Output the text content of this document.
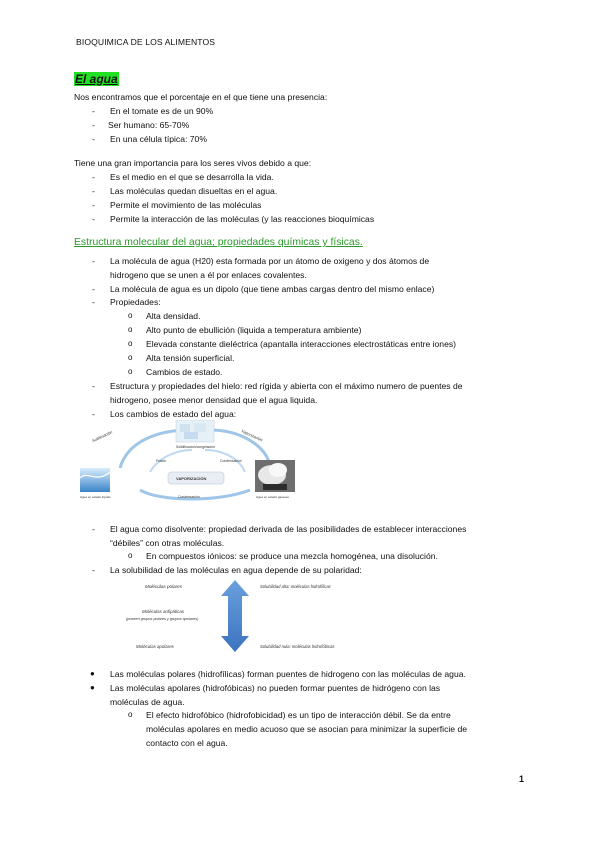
BIOQUIMICA DE LOS ALIMENTOS
El agua
Nos encontramos que el porcentaje en el que tiene una presencia:
-	En el tomate es de un 90%
-	Ser humano: 65-70%
-	En una célula típica: 70%
Tiene una gran importancia para los seres vivos debido a que:
-	Es el medio en el que se desarrolla la vida.
-	Las moléculas quedan disueltas en el agua.
-	Permite el movimiento de las moléculas
-	Permite la interacción de las moléculas (y las reacciones bioquímicas
Estructura molecular del agua; propiedades químicas y físicas.
-	La molécula de agua (H20) esta formada por un átomo de oxigeno y dos átomos de
hidrogeno que se unen a él por enlaces covalentes.
-	La molécula de agua es un dipolo (que tiene ambas cargas dentro del mismo enlace)
-	Propiedades:
o Alta densidad.
o Alto punto de ebullición (liquida a temperatura ambiente)
o Elevada constante dieléctrica (apantalla interacciones electrostáticas entre iones)
o Alta tensión superficial.
o Cambios de estado.
-	Estructura y propiedades del hielo: red rígida y abierta con el máximo numero de puentes de
hidrogeno, posee menor densidad que el agua liquida.
-	Los cambios de estado del agua:
Sublimación
Solidificación/congelación
Vaporización
Fusión	Condensación
VAPORIZACIÓN
Condensación
Agua en estado líquido	Agua en estado gaseoso
-	El agua como disolvente: propiedad derivada de las posibilidades de establecer interacciones
“débiles” con otras moléculas.
o En compuestos iónicos: se produce una mezcla homogénea, una disolución.
-	La solubilidad de las moléculas en agua depende de su polaridad:
Moléculas polares	Solubilidad alta: moléculas hidrofílicas
Moléculas anfipáticas
(poseen grupos polares y grupos apolares)
Moléculas apolares	Solubilidad nula: moléculas hidrofóbicas
● Las moléculas polares (hidrofílicas) forman puentes de hidrogeno con las moléculas de agua.
● Las moléculas apolares (hidrofóbicas) no pueden formar puentes de hidrógeno con las
moléculas de agua.
o El efecto hidrofóbico (hidrofobicidad) es un tipo de interacción débil. Se da entre
moléculas apolares en medio acuoso que se asocian para minimizar la superficie de
contacto con el agua.
1
